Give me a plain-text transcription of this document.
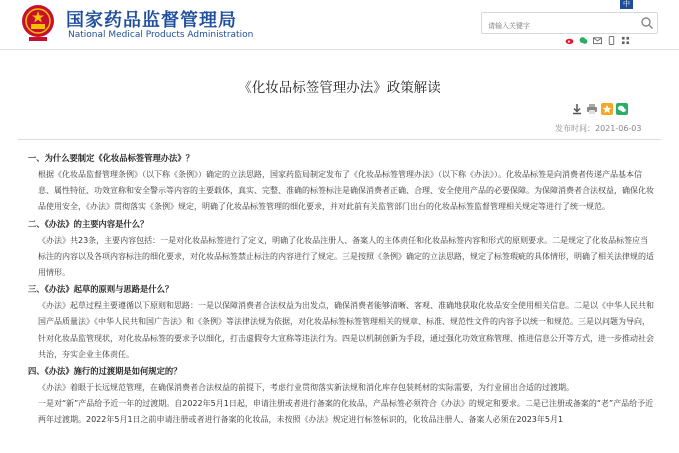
国家药品监督管理局
National Medical Products Administration
中
请输入关键字
《化妆品标签管理办法》政策解读
发布时间：2021-06-03
一、为什么要制定《化妆品标签管理办法》？

根据《化妆品监督管理条例》（以下称《条例》）确定的立法思路，国家药监局制定发布了《化妆品标签管理办法》（以下称《办法》）。化妆品标签是向消费者传递产品基本信息、属性特征、功效宣称和安全警示等内容的主要载体，真实、完整、准确的标签标注是确保消费者正确、合理、安全使用产品的必要保障。为保障消费者合法权益，确保化妆品使用安全，《办法》贯彻落实《条例》规定，明确了化妆品标签管理的细化要求，并对此前有关监管部门出台的化妆品标签监督管理相关规定等进行了统一规范。

二、《办法》的主要内容是什么？

《办法》共23条，主要内容包括：一是对化妆品标签进行了定义，明确了化妆品注册人、备案人的主体责任和化妆品标签内容和形式的原则要求。二是规定了化妆品标签应当标注的内容以及各项内容标注的细化要求，对化妆品标签禁止标注的内容进行了规定。三是按照《条例》确定的立法思路，规定了标签瑕疵的具体情形，明确了相关法律规的适用情形。

三、《办法》起草的原则与思路是什么？

《办法》起草过程主要遵循以下原则和思路：一是以保障消费者合法权益为出发点，确保消费者能够清晰、客观、准确地获取化妆品安全使用相关信息。二是以《中华人民共和国产品质量法》《中华人民共和国广告法》和《条例》等法律法规为依据，对化妆品标签标签管理相关的规章、标准、规范性文件的内容予以统一和规范。三是以问题为导向，针对化妆品监管现状，对化妆品标签的要求予以细化，打击虚假夸大宣称等违法行为。四是以机制创新为手段，通过强化功效宣称管理、推进信息公开等方式，进一步推动社会共治，夯实企业主体责任。

四、《办法》施行的过渡期是如何规定的？

《办法》着眼于长远规范管理，在确保消费者合法权益的前提下，考虑行业贯彻落实新法规和消化库存包装耗材的实际需要，为行业留出合适的过渡期。

一是对“新”产品给予近一年的过渡期。自2022年5月1日起，申请注册或者进行备案的化妆品，产品标签必须符合《办法》的规定和要求。二是已注册或备案的“老”产品给予近两年过渡期。2022年5月1日之前申请注册或者进行备案的化妆品，未按照《办法》规定进行标签标识的，化妆品注册人、备案人必须在2023年5月1
